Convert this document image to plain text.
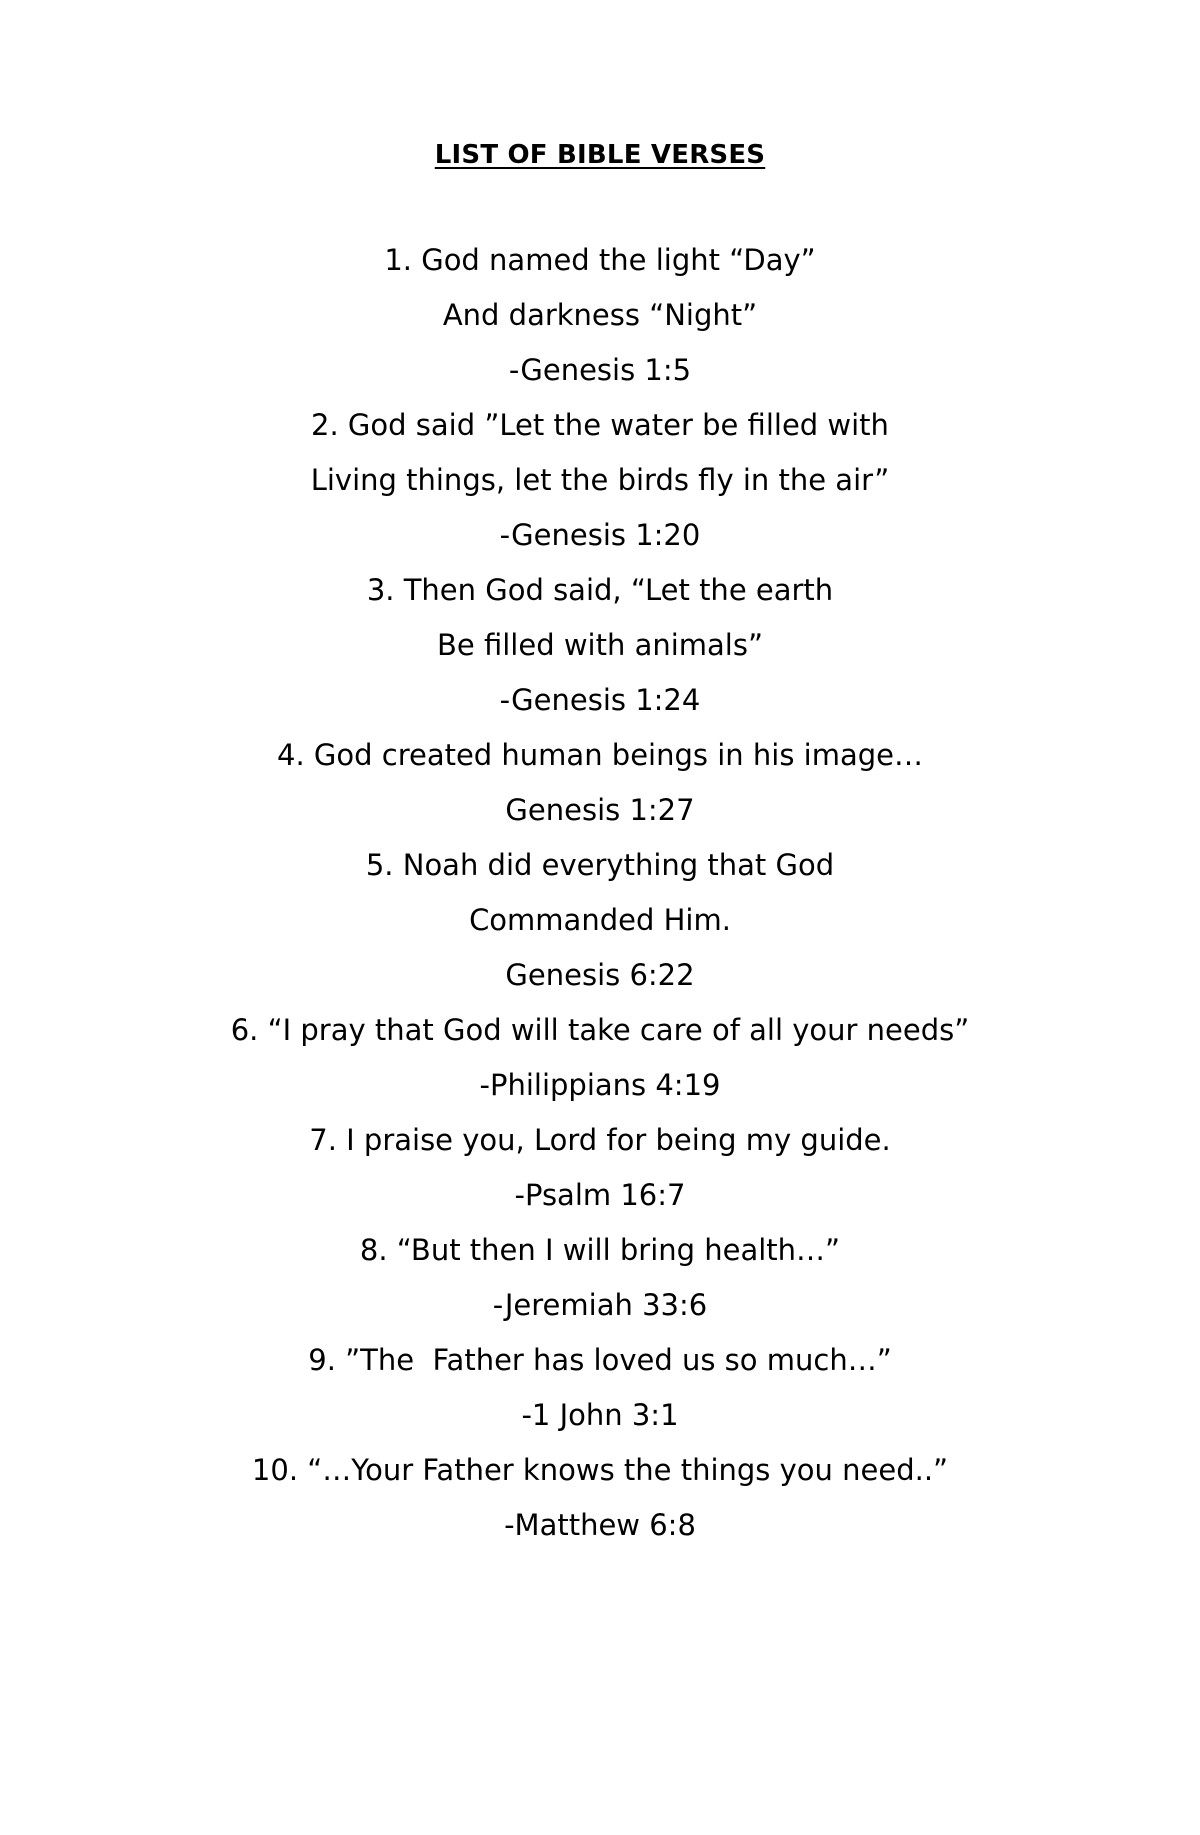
LIST OF BIBLE VERSES
1. God named the light “Day”
And darkness “Night”
-Genesis 1:5
2. God said ”Let the water be filled with
Living things, let the birds fly in the air”
-Genesis 1:20
3. Then God said, “Let the earth
Be filled with animals”
-Genesis 1:24
4. God created human beings in his image…
Genesis 1:27
5. Noah did everything that God
Commanded Him.
Genesis 6:22
6. “I pray that God will take care of all your needs”
-Philippians 4:19
7. I praise you, Lord for being my guide.
-Psalm 16:7
8. “But then I will bring health…”
-Jeremiah 33:6
9. ”The  Father has loved us so much…”
-1 John 3:1
10. “…Your Father knows the things you need..”
-Matthew 6:8
